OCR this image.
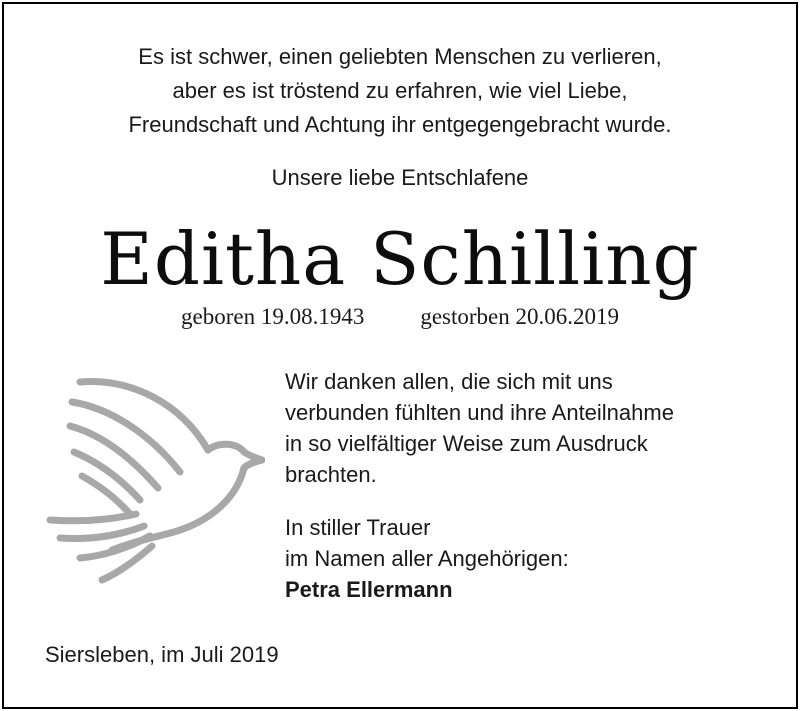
Es ist schwer, einen geliebten Menschen zu verlieren,
aber es ist tröstend zu erfahren, wie viel Liebe,
Freundschaft und Achtung ihr entgegengebracht wurde.
Unsere liebe Entschlafene
Editha Schilling
geboren 19.08.1943 gestorben 20.06.2019
Wir danken allen, die sich mit uns
verbunden fühlten und ihre Anteilnahme
in so vielfältiger Weise zum Ausdruck
brachten.
In stiller Trauer
im Namen aller Angehörigen:
Petra Ellermann
Siersleben, im Juli 2019
